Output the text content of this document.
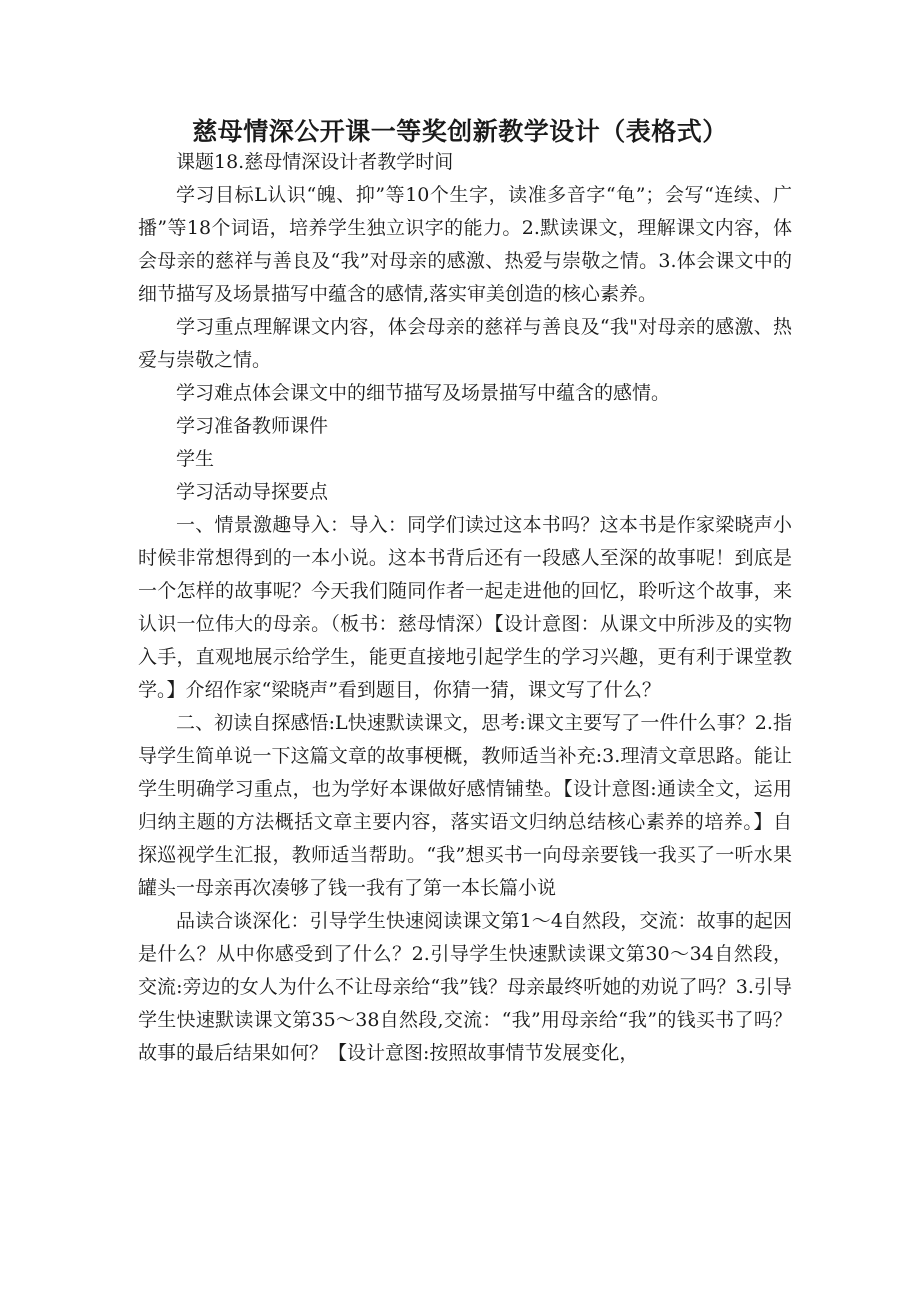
慈母情深公开课一等奖创新教学设计（表格式）

课题18.慈母情深设计者教学时间

学习目标L认识“魄、抑”等10个生字，读准多音字“龟”；会写“连续、广播”等18个词语，培养学生独立识字的能力。2.默读课文，理解课文内容，体会母亲的慈祥与善良及“我”对母亲的感激、热爱与崇敬之情。3.体会课文中的细节描写及场景描写中蕴含的感情,落实审美创造的核心素养。

学习重点理解课文内容，体会母亲的慈祥与善良及“我"对母亲的感激、热爱与崇敬之情。

学习难点体会课文中的细节描写及场景描写中蕴含的感情。

学习准备教师课件

学生

学习活动导探要点

一、情景激趣导入：导入：同学们读过这本书吗？这本书是作家梁晓声小时候非常想得到的一本小说。这本书背后还有一段感人至深的故事呢！到底是一个怎样的故事呢？今天我们随同作者一起走进他的回忆，聆听这个故事，来认识一位伟大的母亲。（板书：慈母情深）【设计意图：从课文中所涉及的实物入手，直观地展示给学生，能更直接地引起学生的学习兴趣，更有利于课堂教学。】介绍作家“梁晓声”看到题目，你猜一猜，课文写了什么？

二、初读自探感悟:L快速默读课文，思考:课文主要写了一件什么事？2.指导学生简单说一下这篇文章的故事梗概，教师适当补充:3.理清文章思路。能让学生明确学习重点，也为学好本课做好感情铺垫。【设计意图:通读全文，运用归纳主题的方法概括文章主要内容，落实语文归纳总结核心素养的培养。】自探巡视学生汇报，教师适当帮助。“我”想买书一向母亲要钱一我买了一听水果罐头一母亲再次凑够了钱一我有了第一本长篇小说

品读合谈深化：引导学生快速阅读课文第1～4自然段，交流：故事的起因是什么？从中你感受到了什么？2.引导学生快速默读课文第30～34自然段，交流:旁边的女人为什么不让母亲给“我”钱？母亲最终听她的劝说了吗？3.引导学生快速默读课文第35～38自然段,交流：“我”用母亲给“我”的钱买书了吗？故事的最后结果如何？【设计意图:按照故事情节发展变化，
